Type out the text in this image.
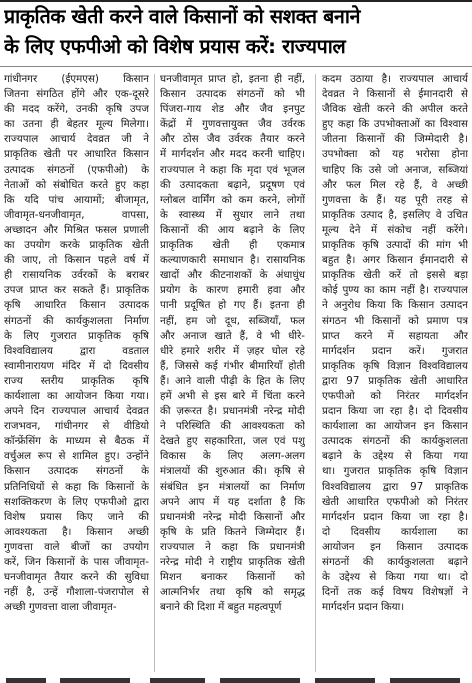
प्राकृतिक खेती करने वाले किसानों को सशक्त बनाने
के लिए एफपीओ को विशेष प्रयास करें: राज्यपाल
गांधीनगर (ईएमएस) किसान
जितना संगठित होंगे और एक-दूसरे
की मदद करेंगे, उनकी कृषि उपज
का उतना ही बेहतर मूल्य मिलेगा।
राज्यपाल आचार्य देवव्रत जी ने
प्राकृतिक खेती पर आधारित किसान
उत्पादक संगठनों (एफपीओ) के
नेताओं को संबोधित करते हुए कहा
कि यदि पांच आयामों; बीजामृत,
जीवामृत-धनजीवामृत, वापसा,
अच्छादन और मिश्रित फसल प्रणाली
का उपयोग करके प्राकृतिक खेती
की जाए, तो किसान पहले वर्ष में
ही रासायनिक उर्वरकों के बराबर
उपज प्राप्त कर सकते हैं। प्राकृतिक
कृषि आधारित किसान उत्पादक
संगठनों की कार्यकुशलता निर्माण
के लिए गुजरात प्राकृतिक कृषि
विश्वविद्यालय द्वारा वडताल
स्वामीनारायण मंदिर में दो दिवसीय
राज्य स्तरीय प्राकृतिक कृषि
कार्यशाला का आयोजन किया गया।
अपने दिन राज्यपाल आचार्य देवव्रत
राजभवन, गांधीनगर से वीडियो
कॉन्फ्रेंसिंग के माध्यम से बैठक में
वर्चुअल रूप से शामिल हुए। उन्होंने
किसान उत्पादक संगठनों के
प्रतिनिधियों से कहा कि किसानों के
सशक्तिकरण के लिए एफपीओ द्वारा
विशेष प्रयास किए जाने की
आवश्यकता है। किसान अच्छी
गुणवत्ता वाले बीजों का उपयोग
करें, जिन किसानों के पास जीवामृत-
घनजीवामृत तैयार करने की सुविधा
नहीं है, उन्हें गौशाला-पंजरापोल से
अच्छी गुणवत्ता वाला जीवामृत-
घनजीवामृत प्राप्त हो, इतना ही नहीं,
किसान उत्पादक संगठनों को भी
पिंजरा-गाय शेड और जैव इनपुट
केंद्रों में गुणवत्तायुक्त जैव उर्वरक
और ठोस जैव उर्वरक तैयार करने
में मार्गदर्शन और मदद करनी चाहिए।
राज्यपाल ने कहा कि मृदा एवं भूजल
की उत्पादकता बढ़ाने, प्रदूषण एवं
ग्लोबल वार्मिंग को कम करने, लोगों
के स्वास्थ्य में सुधार लाने तथा
किसानों की आय बढ़ाने के लिए
प्राकृतिक खेती ही एकमात्र
कल्याणकारी समाधान है। रासायनिक
खादों और कीटनाशकों के अंधाधुंध
प्रयोग के कारण हमारी हवा और
पानी प्रदूषित हो गए हैं। इतना ही
नहीं, हम जो दूध, सब्जियाँ, फल
और अनाज खाते हैं, वे भी धीरे-
धीरे हमारे शरीर में ज़हर घोल रहे
हैं, जिससे कई गंभीर बीमारियाँ होती
हैं। आने वाली पीढ़ी के हित के लिए
हमें अभी से इस बारे में चिंता करने
की ज़रूरत है। प्रधानमंत्री नरेन्द्र मोदी
ने परिस्थिति की आवश्यकता को
देखते हुए सहकारिता, जल एवं पशु
विकास के लिए अलग-अलग
मंत्रालयों की शुरुआत की। कृषि से
संबंधित इन मंत्रालयों का निर्माण
अपने आप में यह दर्शाता है कि
प्रधानमंत्री नरेन्द्र मोदी किसानों और
कृषि के प्रति कितने जिम्मेदार हैं।
राज्यपाल ने कहा कि प्रधानमंत्री
नरेन्द्र मोदी ने राष्ट्रीय प्राकृतिक खेती
मिशन बनाकर किसानों को
आत्मनिर्भर तथा कृषि को समृद्ध
बनाने की दिशा में बहुत महत्वपूर्ण
कदम उठाया है। राज्यपाल आचार्य
देवव्रत ने किसानों से ईमानदारी से
जैविक खेती करने की अपील करते
हुए कहा कि उपभोक्ताओं का विश्वास
जीतना किसानों की जिम्मेदारी है।
उपभोक्ता को यह भरोसा होना
चाहिए कि उसे जो अनाज, सब्जियां
और फल मिल रहे हैं, वे अच्छी
गुणवत्ता के हैं। यह पूरी तरह से
प्राकृतिक उत्पाद है, इसलिए वे उचित
मूल्य देने में संकोच नहीं करेंगे।
प्राकृतिक कृषि उत्पादों की मांग भी
बहुत है। अगर किसान ईमानदारी से
प्राकृतिक खेती करें तो इससे बड़ा
कोई पुण्य का काम नहीं है। राज्यपाल
ने अनुरोध किया कि किसान उत्पादन
संगठन भी किसानों को प्रमाण पत्र
प्राप्त करने में सहायता और
मार्गदर्शन प्रदान करें। गुजरात
प्राकृतिक कृषि विज्ञान विश्वविद्यालय
द्वारा 97 प्राकृतिक खेती आधारित
एफपीओ को निरंतर मार्गदर्शन
प्रदान किया जा रहा है। दो दिवसीय
कार्यशाला का आयोजन इन किसान
उत्पादक संगठनों की कार्यकुशलता
बढ़ाने के उद्देश्य से किया गया
था। गुजरात प्राकृतिक कृषि विज्ञान
विश्वविद्यालय द्वारा 97 प्राकृतिक
खेती आधारित एफपीओ को निरंतर
मार्गदर्शन प्रदान किया जा रहा है।
दो दिवसीय कार्यशाला का
आयोजन इन किसान उत्पादक
संगठनों की कार्यकुशलता बढ़ाने
के उद्देश्य से किया गया था। दो
दिनों तक कई विषय विशेषज्ञों ने
मार्गदर्शन प्रदान किया।
